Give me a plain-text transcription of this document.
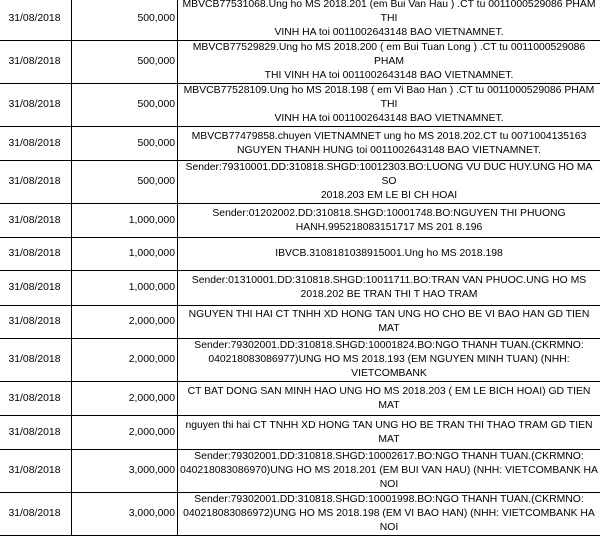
31/08/2018	500,000	MBVCB77531068.Ung ho MS 2018.201 (em Bui Van Hau ) .CT tu 0011000529086 PHAM THI
VINH HA toi 0011002643148 BAO VIETNAMNET.
31/08/2018	500,000	MBVCB77529829.Ung ho MS 2018.200 ( em Bui Tuan Long ) .CT tu 0011000529086 PHAM
THI VINH HA toi 0011002643148 BAO VIETNAMNET.
31/08/2018	500,000	MBVCB77528109.Ung ho MS 2018.198 ( em Vi Bao Han ) .CT tu 0011000529086 PHAM THI
VINH HA toi 0011002643148 BAO VIETNAMNET.
31/08/2018	500,000	MBVCB77479858.chuyen VIETNAMNET ung ho MS 2018.202.CT tu 0071004135163
NGUYEN THANH HUNG toi 0011002643148 BAO VIETNAMNET.
31/08/2018	500,000	Sender:79310001.DD:310818.SHGD:10012303.BO:LUONG VU DUC HUY.UNG HO MA SO
2018.203 EM LE BI CH HOAI
31/08/2018	1,000,000	Sender:01202002.DD:310818.SHGD:10001748.BO:NGUYEN THI PHUONG
HANH.995218083151717 MS 201 8.196
31/08/2018	1,000,000	IBVCB.3108181038915001.Ung ho MS 2018.198
31/08/2018	1,000,000	Sender:01310001.DD:310818.SHGD:10011711.BO:TRAN VAN PHUOC.UNG HO MS
2018.202 BE TRAN THI T HAO TRAM
31/08/2018	2,000,000	NGUYEN THI HAI CT TNHH XD HONG TAN UNG HO CHO BE VI BAO HAN GD TIEN MAT
31/08/2018	2,000,000	Sender:79302001.DD:310818.SHGD:10001824.BO:NGO THANH TUAN.(CKRMNO:
040218083086977)UNG HO MS 2018.193 (EM NGUYEN MINH TUAN) (NHH: VIETCOMBANK
31/08/2018	2,000,000	CT BAT DONG SAN MINH HAO UNG HO MS 2018.203 ( EM LE BICH HOAI) GD TIEN MAT
31/08/2018	2,000,000	nguyen thi hai CT TNHH XD HONG TAN UNG HO BE TRAN THI THAO TRAM GD TIEN MAT
31/08/2018	3,000,000	Sender:79302001.DD:310818.SHGD:10002617.BO:NGO THANH TUAN.(CKRMNO:
040218083086970)UNG HO MS 2018.201 (EM BUI VAN HAU) (NHH: VIETCOMBANK HA NOI
31/08/2018	3,000,000	Sender:79302001.DD:310818.SHGD:10001998.BO:NGO THANH TUAN.(CKRMNO:
040218083086972)UNG HO MS 2018.198 (EM VI BAO HAN) (NHH: VIETCOMBANK HA NOI
